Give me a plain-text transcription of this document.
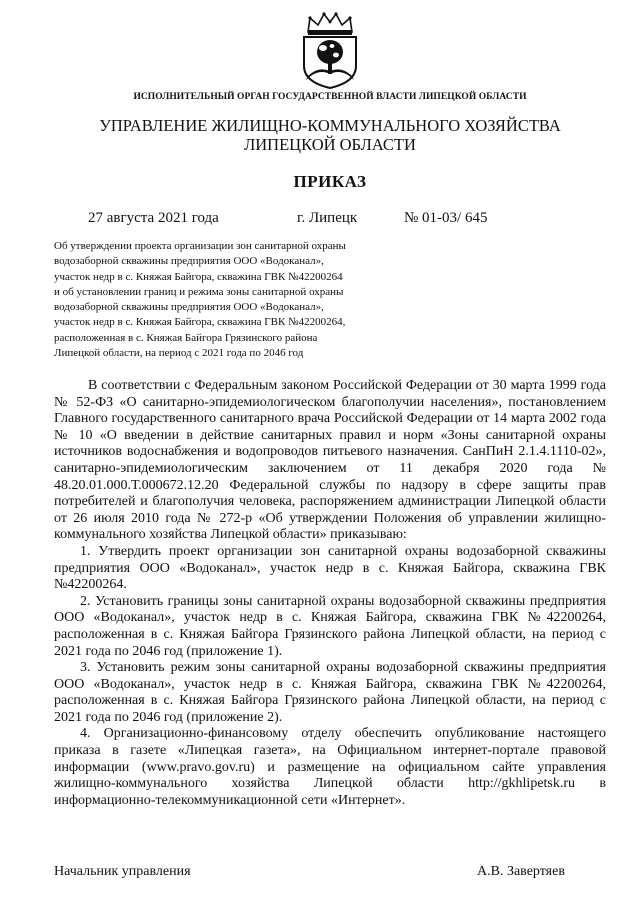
ИСПОЛНИТЕЛЬНЫЙ ОРГАН ГОСУДАРСТВЕННОЙ ВЛАСТИ ЛИПЕЦКОЙ ОБЛАСТИ
УПРАВЛЕНИЕ ЖИЛИЩНО-КОММУНАЛЬНОГО ХОЗЯЙСТВА
ЛИПЕЦКОЙ ОБЛАСТИ
ПРИКАЗ
27 августа 2021 года	г. Липецк	№ 01-03/ 645
Об утверждении проекта организации зон санитарной охраны
водозаборной скважины предприятия ООО «Водоканал»,
участок недр в с. Княжая Байгора, скважина ГВК №42200264
и об установлении границ и режима зоны санитарной охраны
водозаборной скважины предприятия ООО «Водоканал»,
участок недр в с. Княжая Байгора, скважина ГВК №42200264,
расположенная в с. Княжая Байгора Грязинского района
Липецкой области, на период с 2021 года по 2046 год

В соответствии с Федеральным законом Российской Федерации от 30 марта 1999 года № 52-ФЗ «О санитарно-эпидемиологическом благополучии населения», постановлением Главного государственного санитарного врача Российской Федерации от 14 марта 2002 года № 10 «О введении в действие санитарных правил и норм «Зоны санитарной охраны источников водоснабжения и водопроводов питьевого назначения. СанПиН 2.1.4.1110-02», санитарно-эпидемиологическим заключением от 11 декабря 2020 года № 48.20.01.000.Т.000672.12.20 Федеральной службы по надзору в сфере защиты прав потребителей и благополучия человека, распоряжением администрации Липецкой области от 26 июля 2010 года № 272-р «Об утверждении Положения об управлении жилищно-коммунального хозяйства Липецкой области» приказываю:

1. Утвердить проект организации зон санитарной охраны водозаборной скважины предприятия ООО «Водоканал», участок недр в с. Княжая Байгора, скважина ГВК №42200264.

2. Установить границы зоны санитарной охраны водозаборной скважины предприятия ООО «Водоканал», участок недр в с. Княжая Байгора, скважина ГВК №42200264, расположенная в с. Княжая Байгора Грязинского района Липецкой области, на период с 2021 года по 2046 год (приложение 1).

3. Установить режим зоны санитарной охраны водозаборной скважины предприятия ООО «Водоканал», участок недр в с. Княжая Байгора, скважина ГВК №42200264, расположенная в с. Княжая Байгора Грязинского района Липецкой области, на период с 2021 года по 2046 год (приложение 2).

4. Организационно-финансовому отделу обеспечить опубликование настоящего приказа в газете «Липецкая газета», на Официальном интернет-портале правовой информации (www.pravo.gov.ru) и размещение на официальном сайте управления жилищно-коммунального хозяйства Липецкой области http://gkhlipetsk.ru в информационно-телекоммуникационной сети «Интернет».

Начальник управления	А.В. Завертяев
